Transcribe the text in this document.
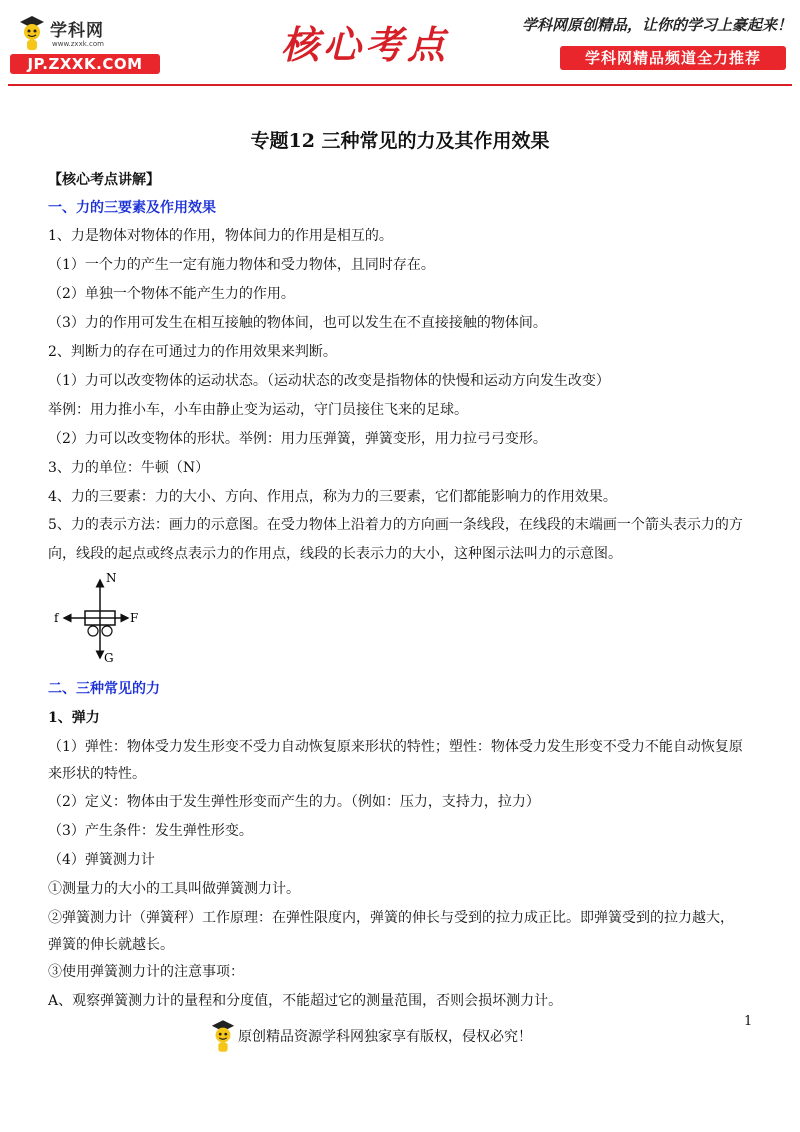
学科网
www.zxxk.com
JP.ZXXK.COM	核心考点	学科网原创精品，让你的学习上豪起来！
学科网精品频道全力推荐
专题12 三种常见的力及其作用效果
【核心考点讲解】
一、力的三要素及作用效果
1、力是物体对物体的作用，物体间力的作用是相互的。
（1）一个力的产生一定有施力物体和受力物体，且同时存在。
（2）单独一个物体不能产生力的作用。
（3）力的作用可发生在相互接触的物体间，也可以发生在不直接接触的物体间。
2、判断力的存在可通过力的作用效果来判断。
（1）力可以改变物体的运动状态。（运动状态的改变是指物体的快慢和运动方向发生改变）
举例：用力推小车，小车由静止变为运动，守门员接住飞来的足球。
（2）力可以改变物体的形状。举例：用力压弹簧，弹簧变形，用力拉弓弓变形。
3、力的单位：牛顿（N）
4、力的三要素：力的大小、方向、作用点，称为力的三要素，它们都能影响力的作用效果。
5、力的表示方法：画力的示意图。在受力物体上沿着力的方向画一条线段，在线段的末端画一个箭头表示力的方
向，线段的起点或终点表示力的作用点，线段的长表示力的大小，这种图示法叫力的示意图。
N
f	F
G
二、三种常见的力
1、弹力
（1）弹性：物体受力发生形变不受力自动恢复原来形状的特性；塑性：物体受力发生形变不受力不能自动恢复原
来形状的特性。
（2）定义：物体由于发生弹性形变而产生的力。（例如：压力，支持力，拉力）
（3）产生条件：发生弹性形变。
（4）弹簧测力计
①测量力的大小的工具叫做弹簧测力计。
②弹簧测力计（弹簧秤）工作原理：在弹性限度内，弹簧的伸长与受到的拉力成正比。即弹簧受到的拉力越大，
弹簧的伸长就越长。
③使用弹簧测力计的注意事项：
A、观察弹簧测力计的量程和分度值，不能超过它的测量范围，否则会损坏测力计。
1
原创精品资源学科网独家享有版权，侵权必究！
